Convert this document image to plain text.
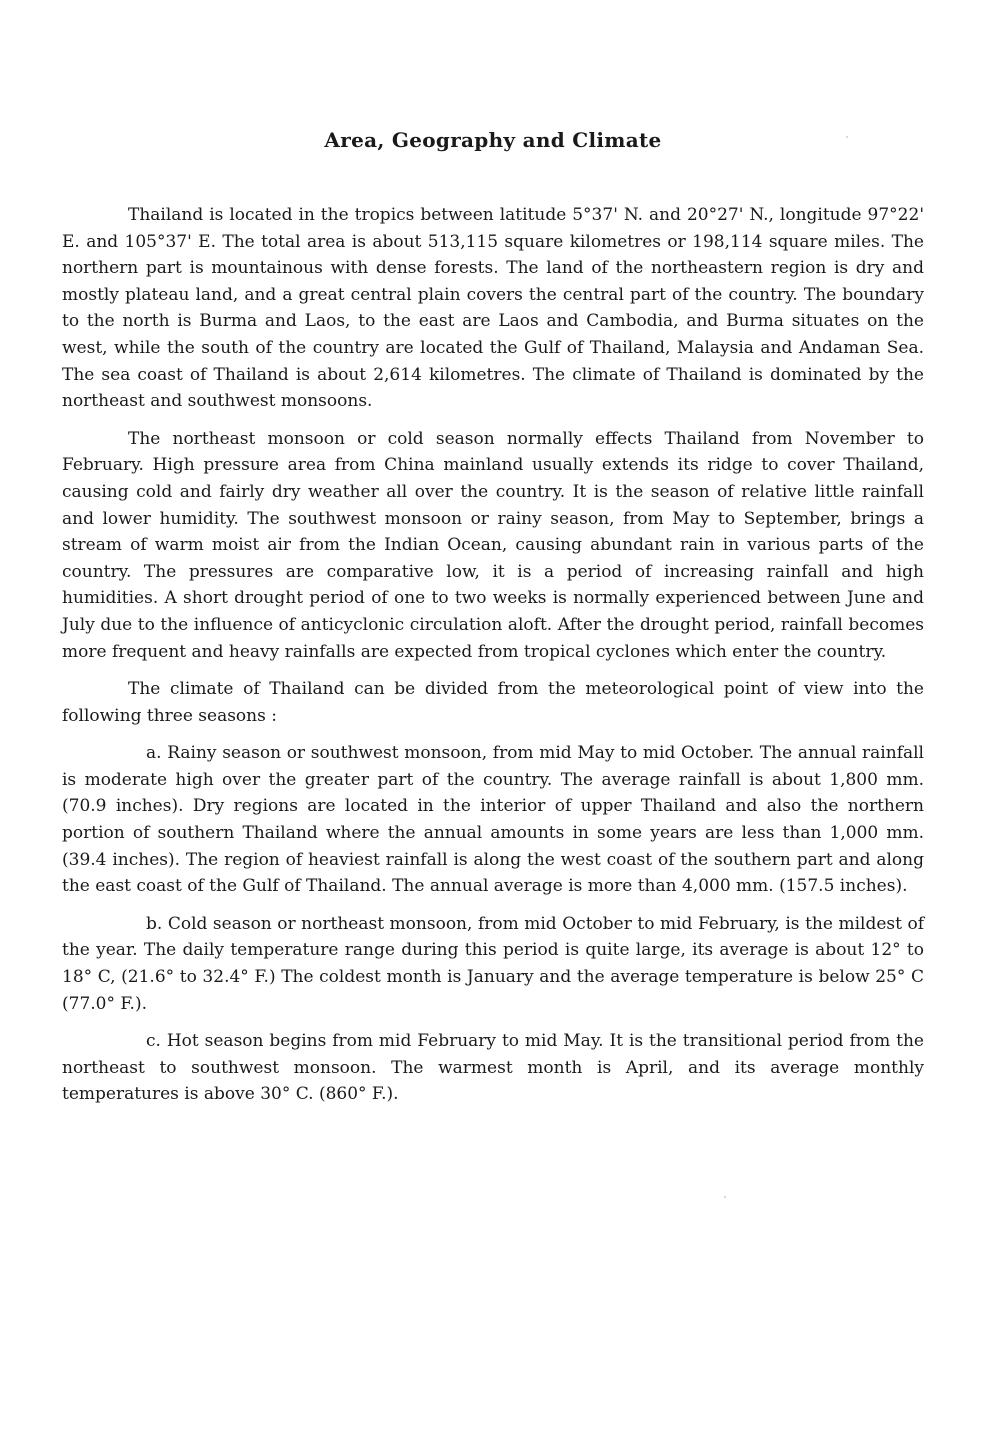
Area, Geography and Climate

Thailand is located in the tropics between latitude 5°37' N. and 20°27' N., longitude 97°22' E. and 105°37' E. The total area is about 513,115 square kilometres or 198,114 square miles. The northern part is mountainous with dense forests. The land of the northeastern region is dry and mostly plateau land, and a great central plain covers the central part of the country. The boundary to the north is Burma and Laos, to the east are Laos and Cambodia, and Burma situates on the west, while the south of the country are located the Gulf of Thailand, Malaysia and Andaman Sea. The sea coast of Thailand is about 2,614 kilometres. The climate of Thailand is dominated by the northeast and southwest monsoons.

The northeast monsoon or cold season normally effects Thailand from November to February. High pressure area from China mainland usually extends its ridge to cover Thailand, causing cold and fairly dry weather all over the country. It is the season of relative little rainfall and lower humidity. The southwest monsoon or rainy season, from May to September, brings a stream of warm moist air from the Indian Ocean, causing abundant rain in various parts of the country. The pressures are comparative low, it is a period of increasing rainfall and high humidities. A short drought period of one to two weeks is normally experienced between June and July due to the influence of anticyclonic circulation aloft. After the drought period, rainfall becomes more frequent and heavy rainfalls are expected from tropical cyclones which enter the country.

The climate of Thailand can be divided from the meteorological point of view into the following three seasons :

a. Rainy season or southwest monsoon, from mid May to mid October. The annual rainfall is moderate high over the greater part of the country. The average rainfall is about 1,800 mm. (70.9 inches). Dry regions are located in the interior of upper Thailand and also the northern portion of southern Thailand where the annual amounts in some years are less than 1,000 mm. (39.4 inches). The region of heaviest rainfall is along the west coast of the southern part and along the east coast of the Gulf of Thailand. The annual average is more than 4,000 mm. (157.5 inches).

b. Cold season or northeast monsoon, from mid October to mid February, is the mildest of the year. The daily temperature range during this period is quite large, its average is about 12° to 18° C, (21.6° to 32.4° F.) The coldest month is January and the average temperature is below 25° C (77.0° F.).

c. Hot season begins from mid February to mid May. It is the transitional period from the northeast to southwest monsoon. The warmest month is April, and its average monthly temperatures is above 30° C. (860° F.).
